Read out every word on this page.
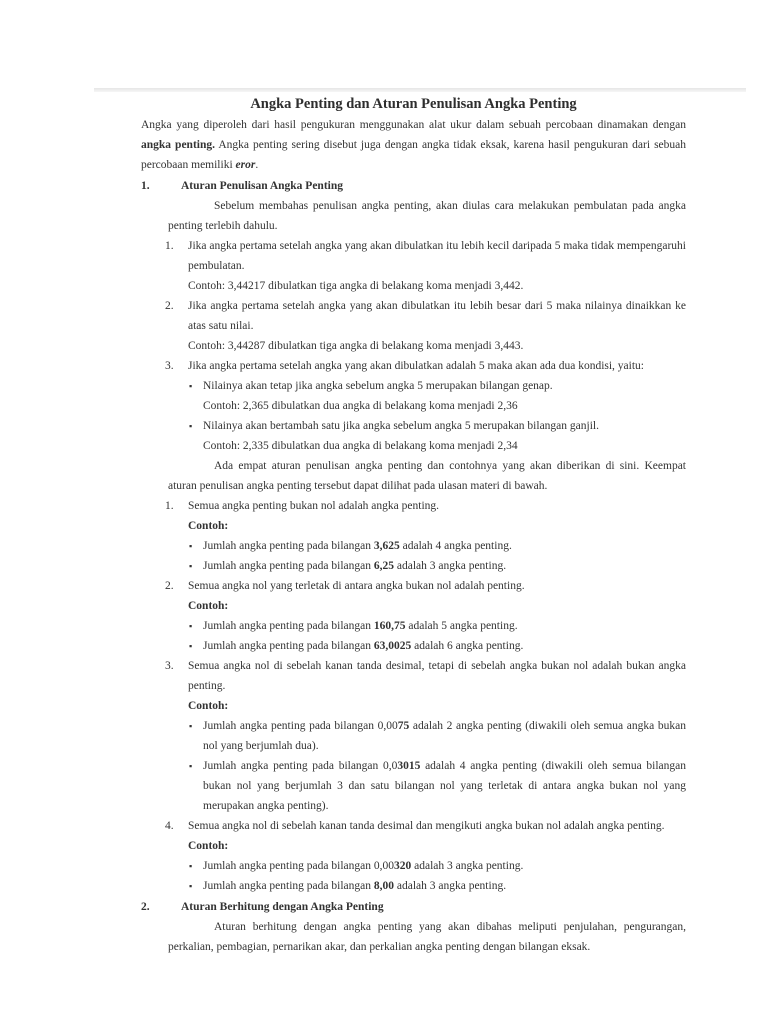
Angka Penting dan Aturan Penulisan Angka Penting

Angka yang diperoleh dari hasil pengukuran menggunakan alat ukur dalam sebuah percobaan dinamakan dengan angka penting. Angka penting sering disebut juga dengan angka tidak eksak, karena hasil pengukuran dari sebuah percobaan memiliki eror.

1.	Aturan Penulisan Angka Penting

Sebelum membahas penulisan angka penting, akan diulas cara melakukan pembulatan pada angka penting terlebih dahulu.

1. Jika angka pertama setelah angka yang akan dibulatkan itu lebih kecil daripada 5 maka tidak mempengaruhi pembulatan.

Contoh: 3,44217 dibulatkan tiga angka di belakang koma menjadi 3,442.

2. Jika angka pertama setelah angka yang akan dibulatkan itu lebih besar dari 5 maka nilainya dinaikkan ke atas satu nilai.

Contoh: 3,44287 dibulatkan tiga angka di belakang koma menjadi 3,443.

3. Jika angka pertama setelah angka yang akan dibulatkan adalah 5 maka akan ada dua kondisi, yaitu:
▪ Nilainya akan tetap jika angka sebelum angka 5 merupakan bilangan genap.

Contoh: 2,365 dibulatkan dua angka di belakang koma menjadi 2,36

▪ Nilainya akan bertambah satu jika angka sebelum angka 5 merupakan bilangan ganjil.

Contoh: 2,335 dibulatkan dua angka di belakang koma menjadi 2,34

Ada empat aturan penulisan angka penting dan contohnya yang akan diberikan di sini. Keempat aturan penulisan angka penting tersebut dapat dilihat pada ulasan materi di bawah.

1. Semua angka penting bukan nol adalah angka penting.

Contoh:

▪ Jumlah angka penting pada bilangan 3,625 adalah 4 angka penting.
▪ Jumlah angka penting pada bilangan 6,25 adalah 3 angka penting.
2. Semua angka nol yang terletak di antara angka bukan nol adalah penting.

Contoh:

▪ Jumlah angka penting pada bilangan 160,75 adalah 5 angka penting.
▪ Jumlah angka penting pada bilangan 63,0025 adalah 6 angka penting.
3. Semua angka nol di sebelah kanan tanda desimal, tetapi di sebelah angka bukan nol adalah bukan angka penting.

Contoh:

▪ Jumlah angka penting pada bilangan 0,0075 adalah 2 angka penting (diwakili oleh semua angka bukan nol yang berjumlah dua).
▪ Jumlah angka penting pada bilangan 0,03015 adalah 4 angka penting (diwakili oleh semua bilangan bukan nol yang berjumlah 3 dan satu bilangan nol yang terletak di antara angka bukan nol yang merupakan angka penting).
4. Semua angka nol di sebelah kanan tanda desimal dan mengikuti angka bukan nol adalah angka penting.

Contoh:

▪ Jumlah angka penting pada bilangan 0,00320 adalah 3 angka penting.
▪ Jumlah angka penting pada bilangan 8,00 adalah 3 angka penting.
2.	Aturan Berhitung dengan Angka Penting

Aturan berhitung dengan angka penting yang akan dibahas meliputi penjulahan, pengurangan, perkalian, pembagian, pernarikan akar, dan perkalian angka penting dengan bilangan eksak.
